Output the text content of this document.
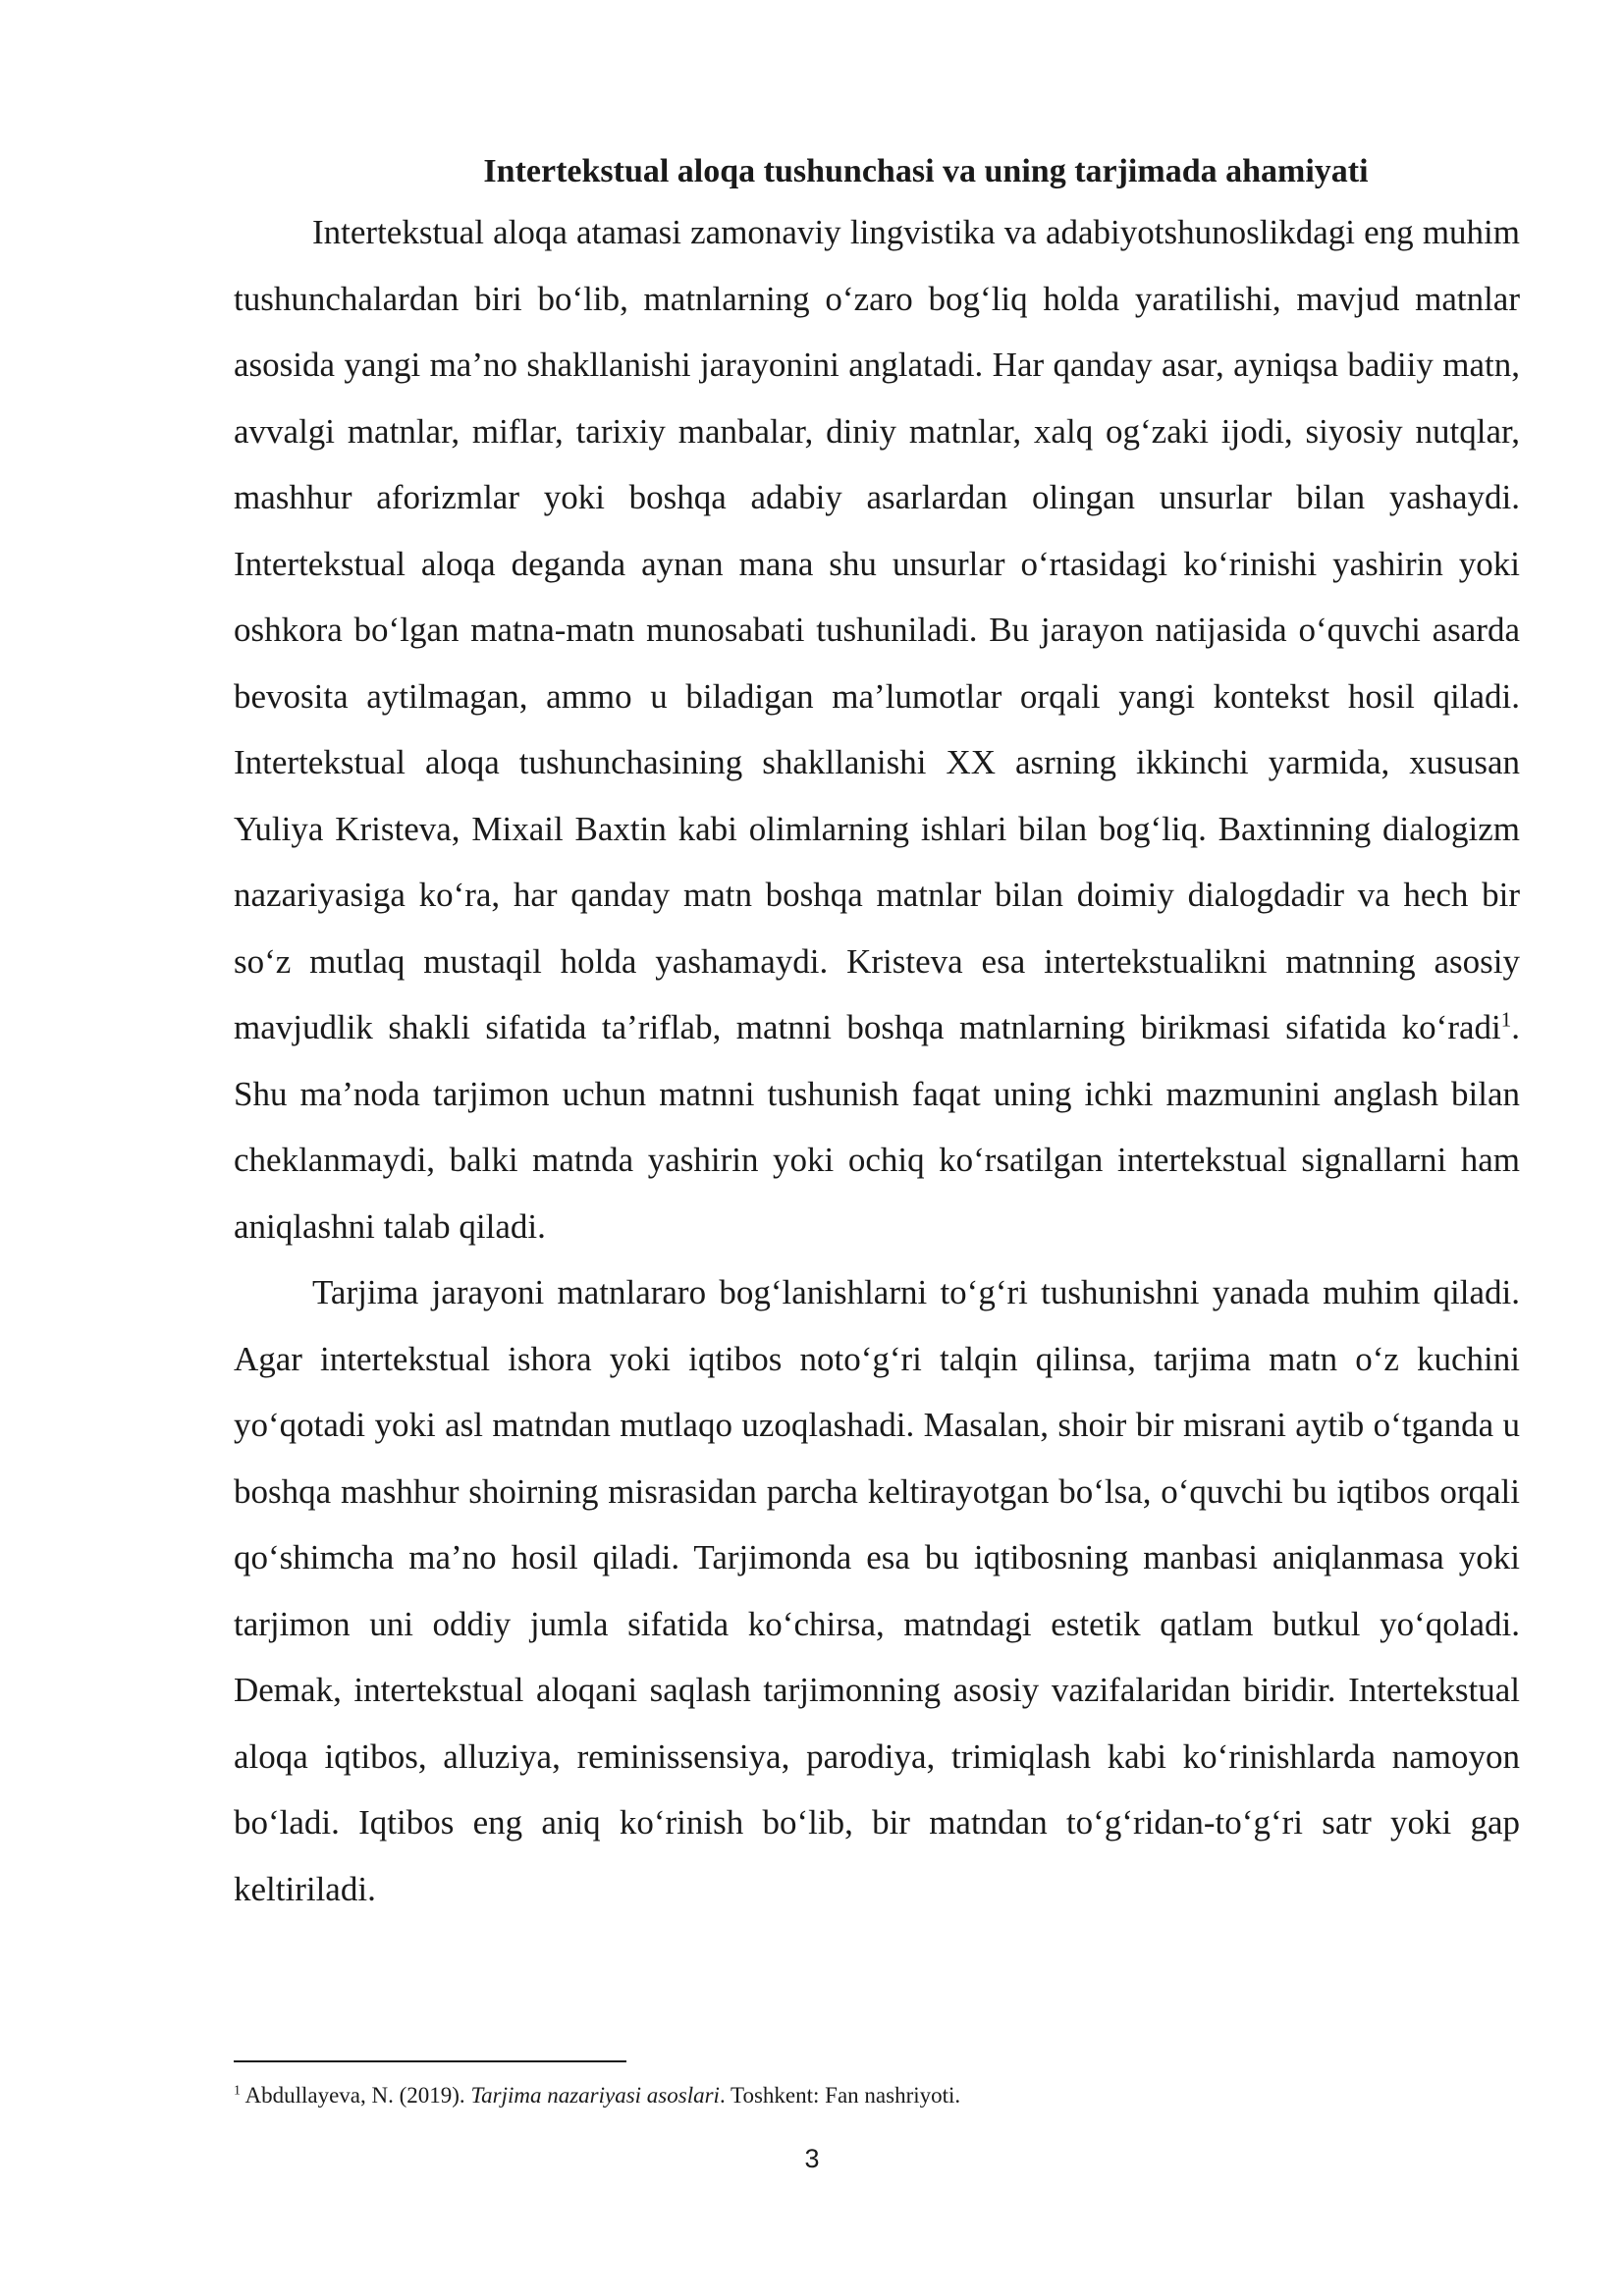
Intertekstual aloqa tushunchasi va uning tarjimada ahamiyati

Intertekstual aloqa atamasi zamonaviy lingvistika va adabiyotshunoslikdagi eng muhim tushunchalardan biri bo‘lib, matnlarning o‘zaro bog‘liq holda yaratilishi, mavjud matnlar asosida yangi ma’no shakllanishi jarayonini anglatadi. Har qanday asar, ayniqsa badiiy matn, avvalgi matnlar, miflar, tarixiy manbalar, diniy matnlar, xalq og‘zaki ijodi, siyosiy nutqlar, mashhur aforizmlar yoki boshqa adabiy asarlardan olingan unsurlar bilan yashaydi. Intertekstual aloqa deganda aynan mana shu unsurlar o‘rtasidagi ko‘rinishi yashirin yoki oshkora bo‘lgan matna-matn munosabati tushuniladi. Bu jarayon natijasida o‘quvchi asarda bevosita aytilmagan, ammo u biladigan ma’lumotlar orqali yangi kontekst hosil qiladi. Intertekstual aloqa tushunchasining shakllanishi XX asrning ikkinchi yarmida, xususan Yuliya Kristeva, Mixail Baxtin kabi olimlarning ishlari bilan bog‘liq. Baxtinning dialogizm nazariyasiga ko‘ra, har qanday matn boshqa matnlar bilan doimiy dialogdadir va hech bir so‘z mutlaq mustaqil holda yashamaydi. Kristeva esa intertekstualikni matnning asosiy mavjudlik shakli sifatida ta’riflab, matnni boshqa matnlarning birikmasi sifatida ko‘radi$^1$. Shu ma’noda tarjimon uchun matnni tushunish faqat uning ichki mazmunini anglash bilan cheklanmaydi, balki matnda yashirin yoki ochiq ko‘rsatilgan intertekstual signallarni ham aniqlashni talab qiladi.

Tarjima jarayoni matnlararo bog‘lanishlarni to‘g‘ri tushunishni yanada muhim qiladi. Agar intertekstual ishora yoki iqtibos noto‘g‘ri talqin qilinsa, tarjima matn o‘z kuchini yo‘qotadi yoki asl matndan mutlaqo uzoqlashadi. Masalan, shoir bir misrani aytib o‘tganda u boshqa mashhur shoirning misrasidan parcha keltirayotgan bo‘lsa, o‘quvchi bu iqtibos orqali qo‘shimcha ma’no hosil qiladi. Tarjimonda esa bu iqtibosning manbasi aniqlanmasa yoki tarjimon uni oddiy jumla sifatida ko‘chirsa, matndagi estetik qatlam butkul yo‘qoladi. Demak, intertekstual aloqani saqlash tarjimonning asosiy vazifalaridan biridir. Intertekstual aloqa iqtibos, alluziya, reminissensiya, parodiya, trimiqlash kabi ko‘rinishlarda namoyon bo‘ladi. Iqtibos eng aniq ko‘rinish bo‘lib, bir matndan to‘g‘ridan-to‘g‘ri satr yoki gap keltiriladi.

$^1$ Abdullayeva, N. (2019). Tarjima nazariyasi asoslari. Toshkent: Fan nashriyoti.

3
